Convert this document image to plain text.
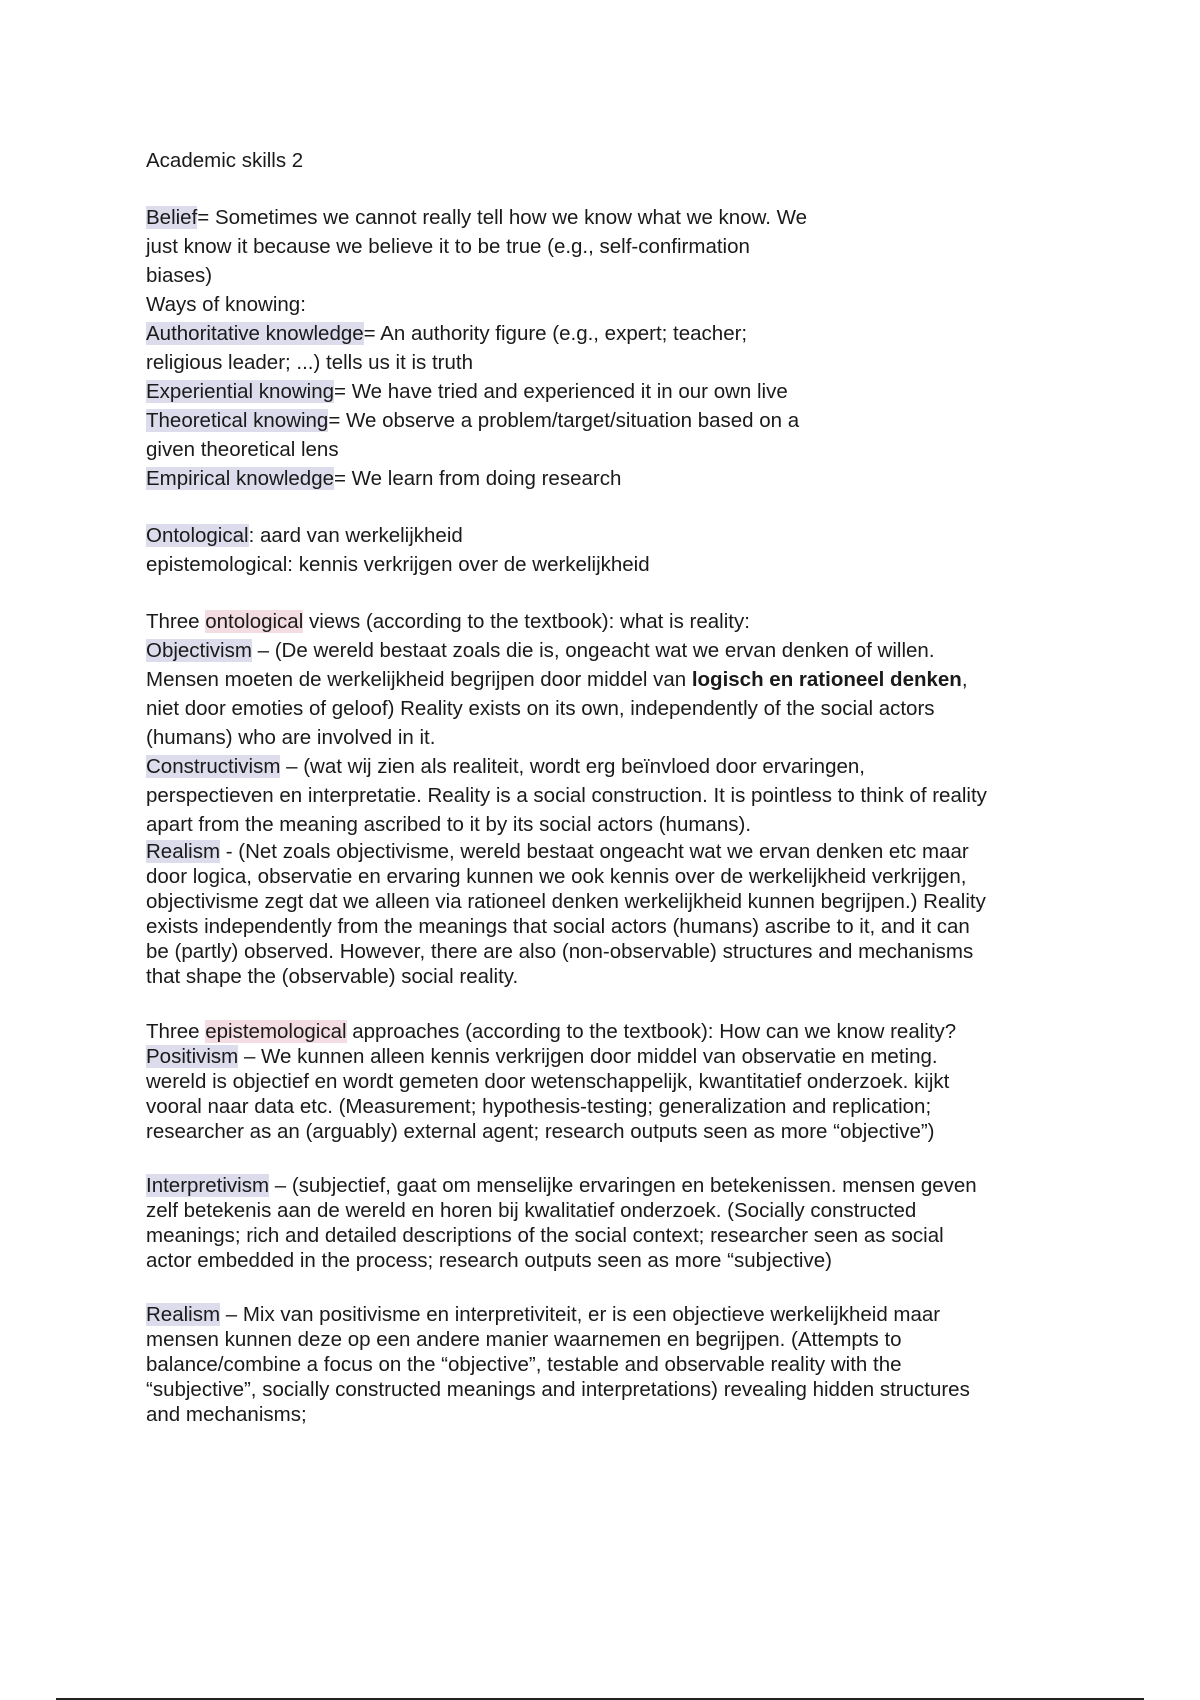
Academic skills 2
Belief= Sometimes we cannot really tell how we know what we know. We
just know it because we believe it to be true (e.g., self-confirmation
biases)
Ways of knowing:
Authoritative knowledge= An authority figure (e.g., expert; teacher;
religious leader; ...) tells us it is truth
Experiential knowing= We have tried and experienced it in our own live
Theoretical knowing= We observe a problem/target/situation based on a
given theoretical lens
Empirical knowledge= We learn from doing research
Ontological: aard van werkelijkheid
epistemological: kennis verkrijgen over de werkelijkheid
Three ontological views (according to the textbook): what is reality:
Objectivism – (De wereld bestaat zoals die is, ongeacht wat we ervan denken of willen.
Mensen moeten de werkelijkheid begrijpen door middel van logisch en rationeel denken,
niet door emoties of geloof) Reality exists on its own, independently of the social actors
(humans) who are involved in it.
Constructivism – (wat wij zien als realiteit, wordt erg beïnvloed door ervaringen,
perspectieven en interpretatie. Reality is a social construction. It is pointless to think of reality
apart from the meaning ascribed to it by its social actors (humans).
Realism - (Net zoals objectivisme, wereld bestaat ongeacht wat we ervan denken etc maar
door logica, observatie en ervaring kunnen we ook kennis over de werkelijkheid verkrijgen,
objectivisme zegt dat we alleen via rationeel denken werkelijkheid kunnen begrijpen.) Reality
exists independently from the meanings that social actors (humans) ascribe to it, and it can
be (partly) observed. However, there are also (non-observable) structures and mechanisms
that shape the (observable) social reality.
Three epistemological approaches (according to the textbook): How can we know reality?
Positivism – We kunnen alleen kennis verkrijgen door middel van observatie en meting.
wereld is objectief en wordt gemeten door wetenschappelijk, kwantitatief onderzoek. kijkt
vooral naar data etc. (Measurement; hypothesis-testing; generalization and replication;
researcher as an (arguably) external agent; research outputs seen as more “objective”)
Interpretivism – (subjectief, gaat om menselijke ervaringen en betekenissen. mensen geven
zelf betekenis aan de wereld en horen bij kwalitatief onderzoek. (Socially constructed
meanings; rich and detailed descriptions of the social context; researcher seen as social
actor embedded in the process; research outputs seen as more “subjective)
Realism – Mix van positivisme en interpretiviteit, er is een objectieve werkelijkheid maar
mensen kunnen deze op een andere manier waarnemen en begrijpen. (Attempts to
balance/combine a focus on the “objective”, testable and observable reality with the
“subjective”, socially constructed meanings and interpretations) revealing hidden structures
and mechanisms;
